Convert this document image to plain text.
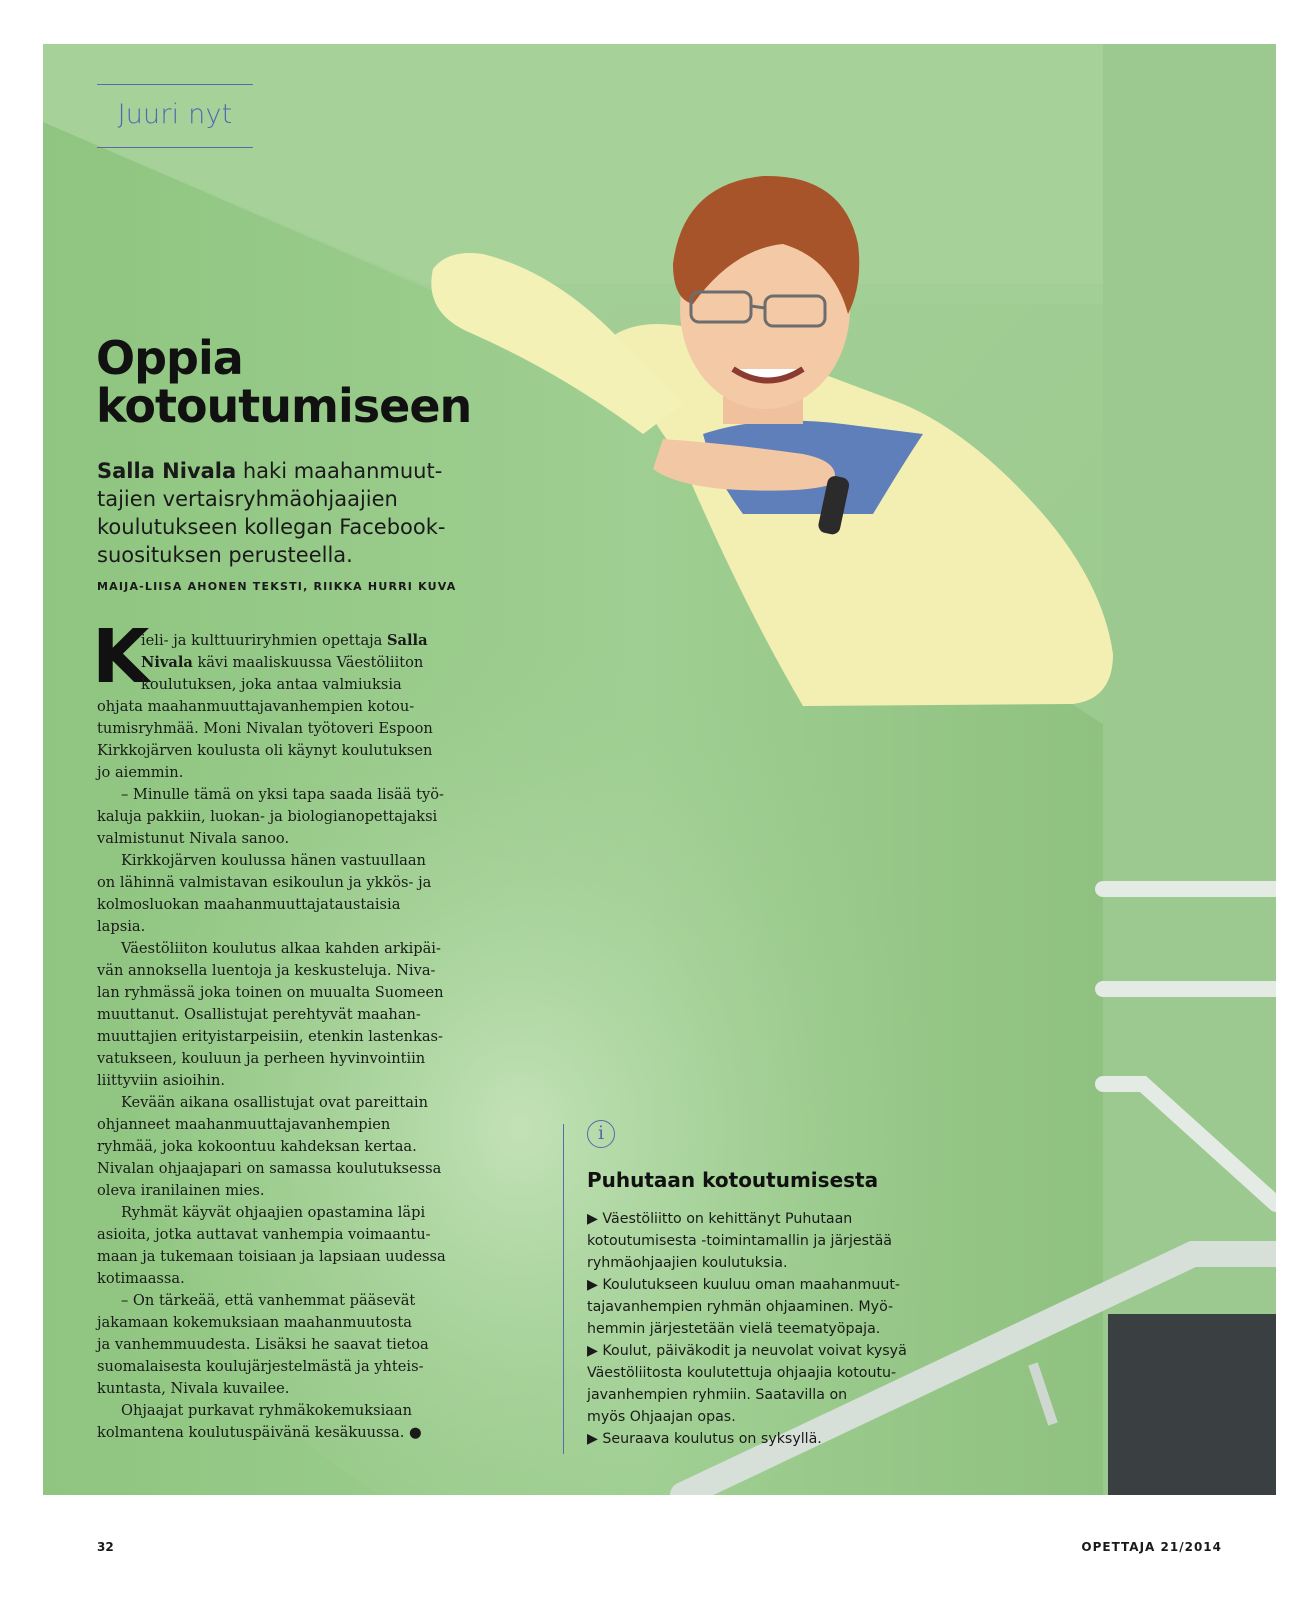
Juuri nyt
Oppia
kotoutumiseen
Salla Nivala haki maahanmuut-
tajien vertaisryhmäohjaajien
koulutukseen kollegan Facebook-
suosituksen perusteella.
MAIJA-LIISA AHONEN TEKSTI, RIIKKA HURRI KUVA
K
ieli- ja kulttuuriryhmien opettaja Salla
Nivala kävi maaliskuussa Väestöliiton
koulutuksen, joka antaa valmiuksia
ohjata maahanmuuttajavanhempien kotou-
tumisryhmää. Moni Nivalan työtoveri Espoon
Kirkkojärven koulusta oli käynyt koulutuksen
jo aiemmin.
– Minulle tämä on yksi tapa saada lisää työ-
kaluja pakkiin, luokan- ja biologianopettajaksi
valmistunut Nivala sanoo.
Kirkkojärven koulussa hänen vastuullaan
on lähinnä valmistavan esikoulun ja ykkös- ja
kolmosluokan maahanmuuttajataustaisia
lapsia.
Väestöliiton koulutus alkaa kahden arkipäi-
vän annoksella luentoja ja keskusteluja. Niva-
lan ryhmässä joka toinen on muualta Suomeen
muuttanut. Osallistujat perehtyvät maahan-
muuttajien erityistarpeisiin, etenkin lastenkas-
vatukseen, kouluun ja perheen hyvinvointiin
liittyviin asioihin.
Kevään aikana osallistujat ovat pareittain
ohjanneet maahanmuuttajavanhempien
ryhmää, joka kokoontuu kahdeksan kertaa.
Nivalan ohjaajapari on samassa koulutuksessa
oleva iranilainen mies.
Ryhmät käyvät ohjaajien opastamina läpi
asioita, jotka auttavat vanhempia voimaantu-
maan ja tukemaan toisiaan ja lapsiaan uudessa
kotimaassa.
– On tärkeää, että vanhemmat pääsevät
jakamaan kokemuksiaan maahanmuutosta
ja vanhemmuudesta. Lisäksi he saavat tietoa
suomalaisesta koulujärjestelmästä ja yhteis-
kuntasta, Nivala kuvailee.
Ohjaajat purkavat ryhmäkokemuksiaan
kolmantena koulutuspäivänä kesäkuussa. ●
i
Puhutaan kotoutumisesta
▶ Väestöliitto on kehittänyt Puhutaan
kotoutumisesta -toimintamallin ja järjestää
ryhmäohjaajien koulutuksia.
▶ Koulutukseen kuuluu oman maahanmuut-
tajavanhempien ryhmän ohjaaminen. Myö-
hemmin järjestetään vielä teematyöpaja.
▶ Koulut, päiväkodit ja neuvolat voivat kysyä
Väestöliitosta koulutettuja ohjaajia kotoutu-
javanhempien ryhmiin. Saatavilla on
myös Ohjaajan opas.
▶ Seuraava koulutus on syksyllä.
32	OPETTAJA 21/2014
